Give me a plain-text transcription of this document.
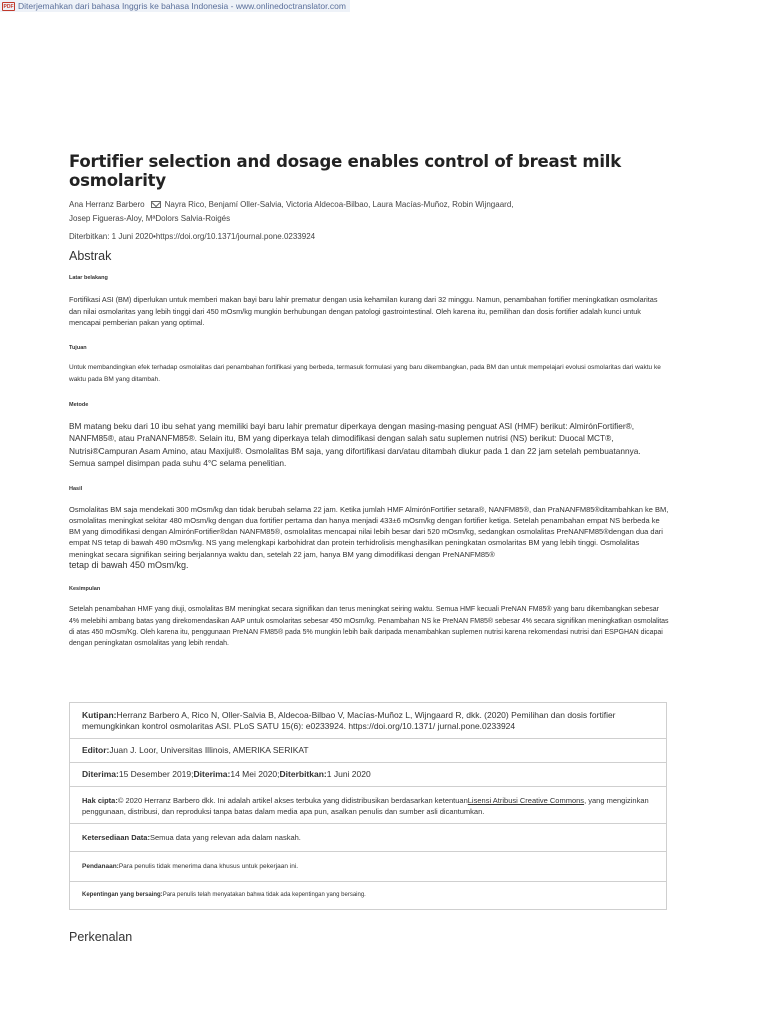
PDF Diterjemahkan dari bahasa Inggris ke bahasa Indonesia - www.onlinedoctranslator.com
Fortifier selection and dosage enables control of breast milk osmolarity
Ana Herranz Barbero	Nayra Rico, Benjamí Oller-Salvia, Victoria Aldecoa-Bilbao, Laura Macías-Muñoz, Robin Wijngaard,
Josep Figueras-Aloy, MªDolors Salvia-Roigés
Diterbitkan: 1 Juni 2020•https://doi.org/10.1371/journal.pone.0233924
Abstrak
Latar belakang
Fortifikasi ASI (BM) diperlukan untuk memberi makan bayi baru lahir prematur dengan usia kehamilan kurang dari 32 minggu. Namun, penambahan fortifier meningkatkan osmolaritas dan nilai osmolaritas yang lebih tinggi dari 450 mOsm/kg mungkin berhubungan dengan patologi gastrointestinal. Oleh karena itu, pemilihan dan dosis fortifier adalah kunci untuk mencapai pemberian pakan yang optimal.
Tujuan
Untuk membandingkan efek terhadap osmolalitas dari penambahan fortifikasi yang berbeda, termasuk formulasi yang baru dikembangkan, pada BM dan untuk mempelajari evolusi osmolaritas dari waktu ke waktu pada BM yang ditambah.
Metode
BM matang beku dari 10 ibu sehat yang memiliki bayi baru lahir prematur diperkaya dengan masing-masing penguat ASI (HMF) berikut: AlmirónFortifier®, NANFM85®, atau PraNANFM85®. Selain itu, BM yang diperkaya telah dimodifikasi dengan salah satu suplemen nutrisi (NS) berikut: Duocal MCT®, Nutrisi®Campuran Asam Amino, atau Maxijul®. Osmolalitas BM saja, yang difortifikasi dan/atau ditambah diukur pada 1 dan 22 jam setelah pembuatannya. Semua sampel disimpan pada suhu 4°C selama penelitian.
Hasil
Osmolalitas BM saja mendekati 300 mOsm/kg dan tidak berubah selama 22 jam. Ketika jumlah HMF AlmirónFortifier setara®, NANFM85®, dan PraNANFM85®ditambahkan ke BM, osmolalitas meningkat sekitar 480 mOsm/kg dengan dua fortifier pertama dan hanya menjadi 433±6 mOsm/kg dengan fortifier ketiga. Setelah penambahan empat NS berbeda ke BM yang dimodifikasi dengan AlmirónFortifier®dan NANFM85®, osmolalitas mencapai nilai lebih besar dari 520 mOsm/kg, sedangkan osmolalitas PreNANFM85®dengan dua dari empat NS tetap di bawah 490 mOsm/kg. NS yang melengkapi karbohidrat dan protein terhidrolisis menghasilkan peningkatan osmolaritas BM yang lebih tinggi. Osmolalitas meningkat secara signifikan seiring berjalannya waktu dan, setelah 22 jam, hanya BM yang dimodifikasi dengan PreNANFM85®
tetap di bawah 450 mOsm/kg.
Kesimpulan
Setelah penambahan HMF yang diuji, osmolalitas BM meningkat secara signifikan dan terus meningkat seiring waktu. Semua HMF kecuali PreNAN FM85® yang baru dikembangkan sebesar 4% melebihi ambang batas yang direkomendasikan AAP untuk osmolaritas sebesar 450 mOsm/kg. Penambahan NS ke PreNAN FM85® sebesar 4% secara signifikan meningkatkan osmolalitas di atas 450 mOsm/Kg. Oleh karena itu, penggunaan PreNAN FM85® pada 5% mungkin lebih baik daripada menambahkan suplemen nutrisi karena rekomendasi nutrisi dari ESPGHAN dicapai dengan peningkatan osmolalitas yang lebih rendah.
Kutipan:Herranz Barbero A, Rico N, Oller-Salvia B, Aldecoa-Bilbao V, Macías-Muñoz L, Wijngaard R, dkk. (2020) Pemilihan dan dosis fortifier memungkinkan kontrol osmolaritas ASI. PLoS SATU 15(6): e0233924. https://doi.org/10.1371/ jurnal.pone.0233924
Editor:Juan J. Loor, Universitas Illinois, AMERIKA SERIKAT
Diterima:15 Desember 2019;Diterima:14 Mei 2020;Diterbitkan:1 Juni 2020
Hak cipta:© 2020 Herranz Barbero dkk. Ini adalah artikel akses terbuka yang didistribusikan berdasarkan ketentuanLisensi Atribusi Creative Commons, yang mengizinkan penggunaan, distribusi, dan reproduksi tanpa batas dalam media apa pun, asalkan penulis dan sumber asli dicantumkan.
Ketersediaan Data:Semua data yang relevan ada dalam naskah.
Pendanaan:Para penulis tidak menerima dana khusus untuk pekerjaan ini.
Kepentingan yang bersaing:Para penulis telah menyatakan bahwa tidak ada kepentingan yang bersaing.
Perkenalan
